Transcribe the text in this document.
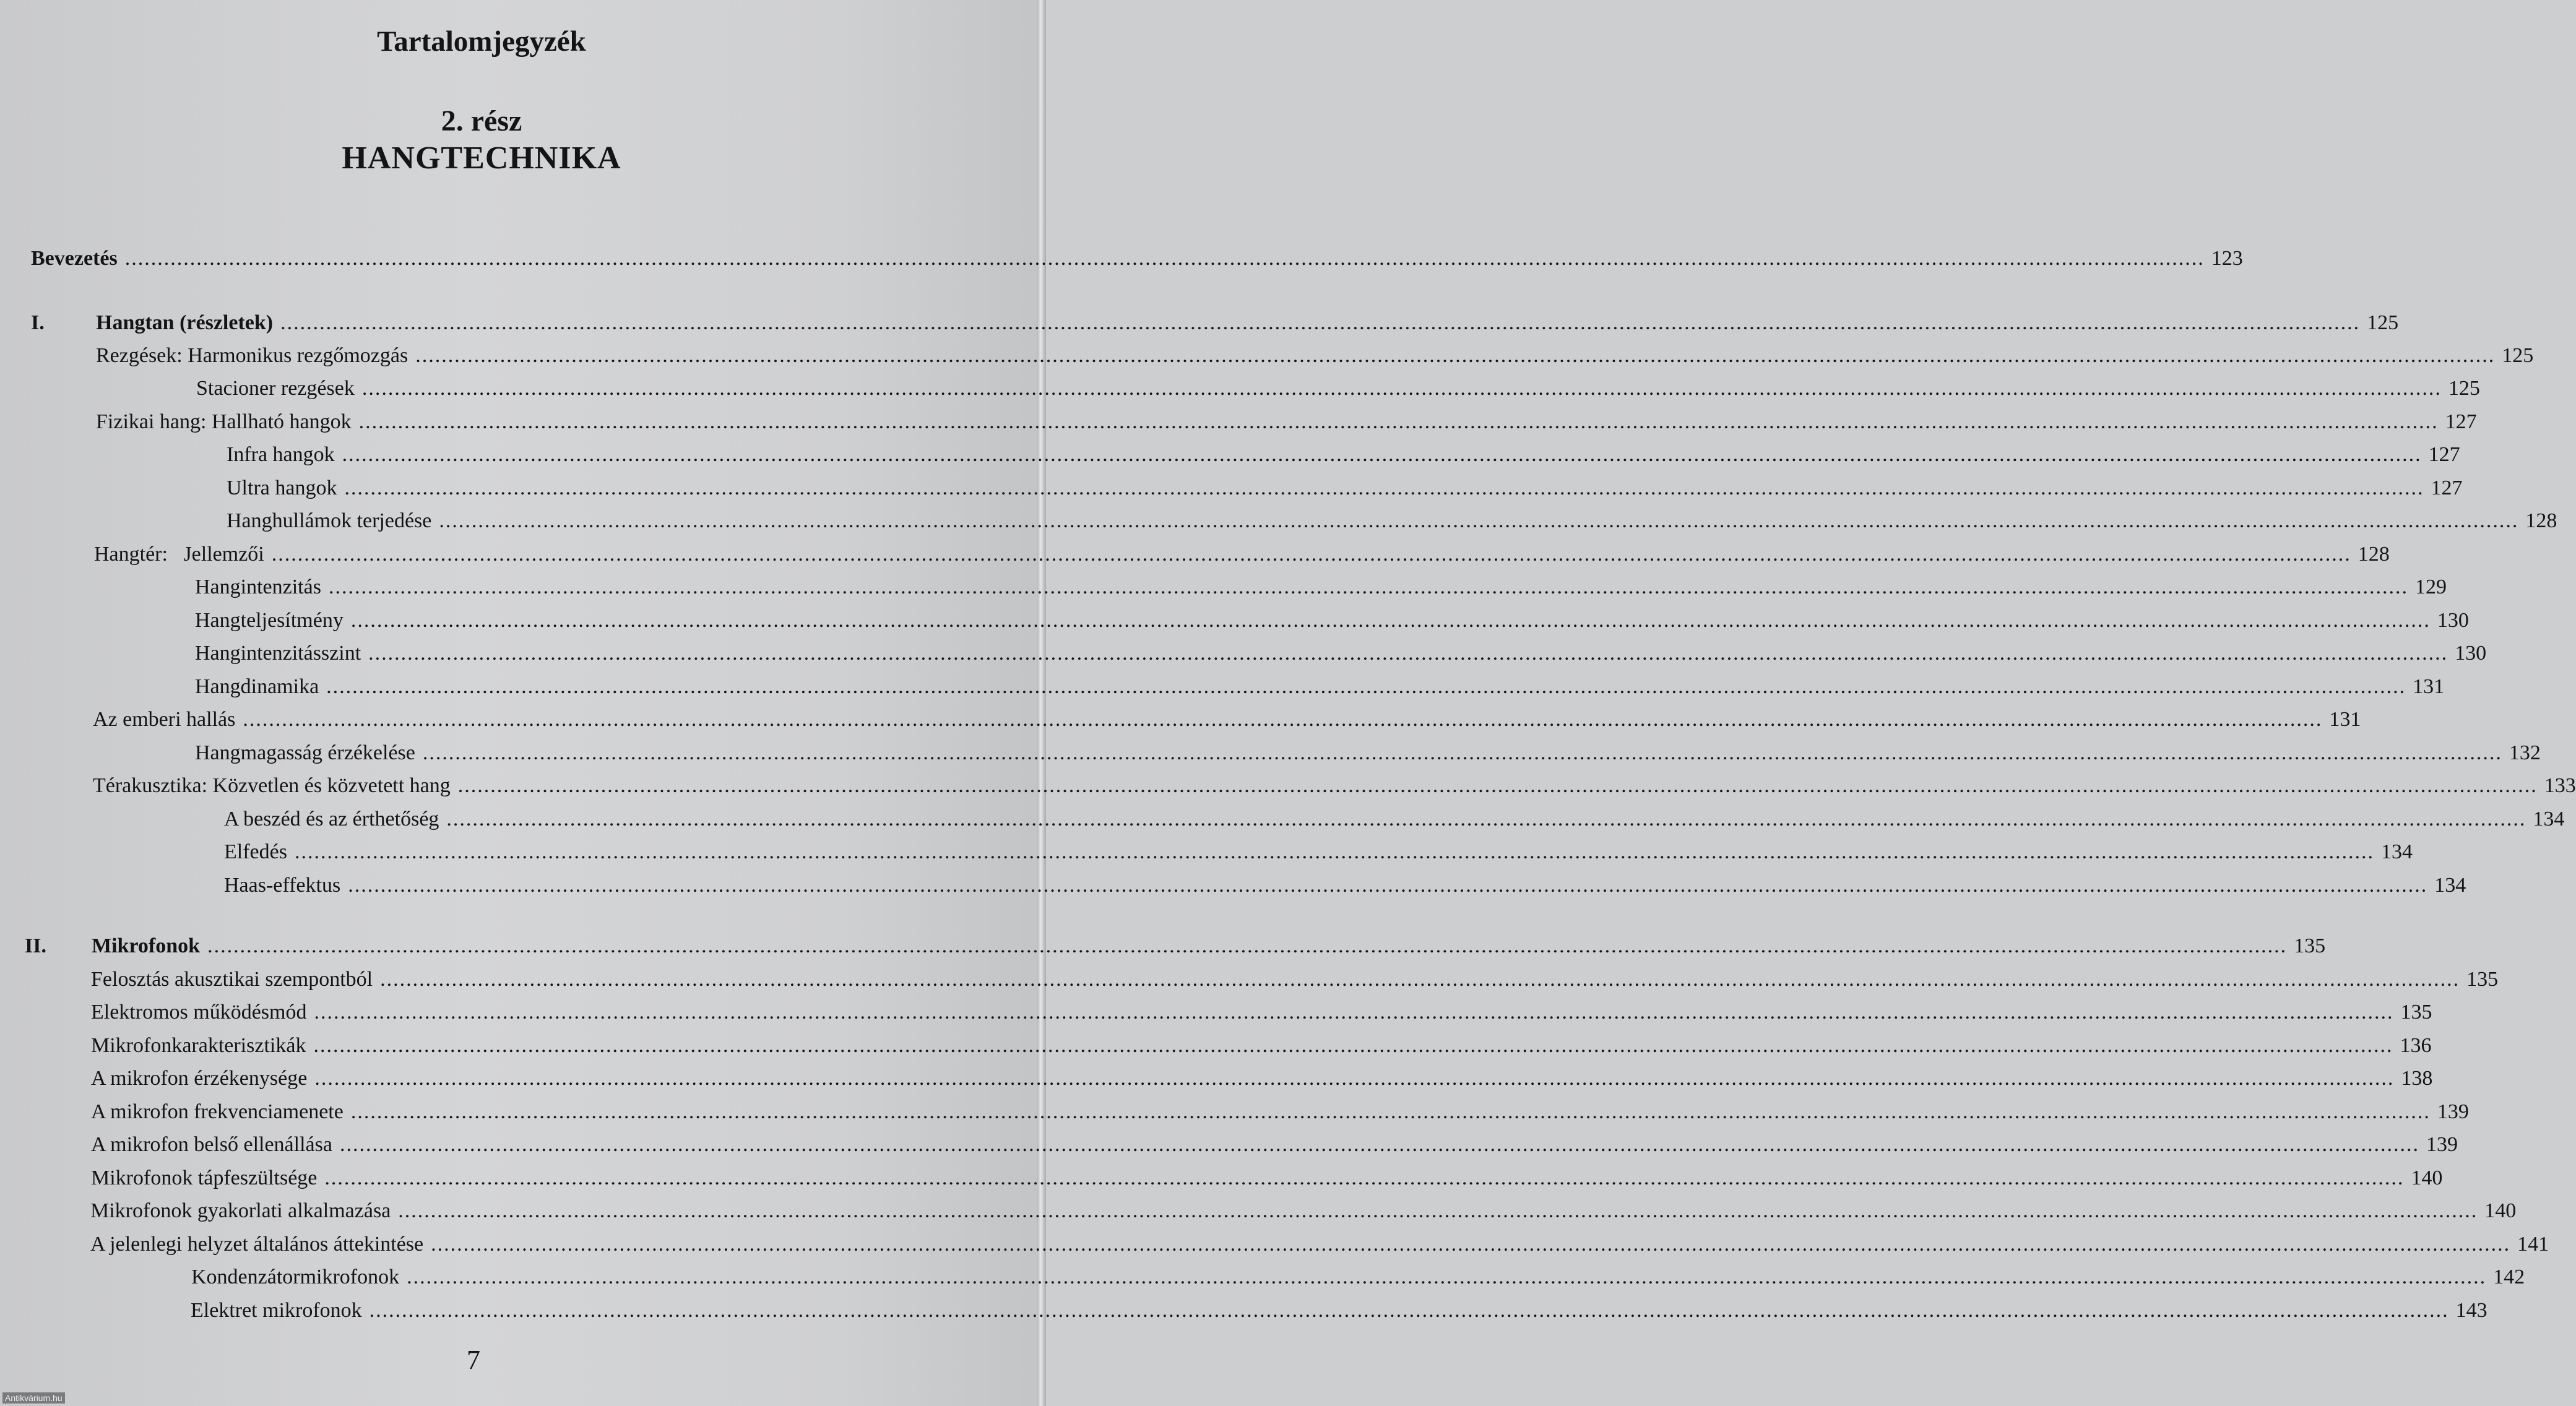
Tartalomjegyzék
2. rész
HANGTECHNIKA
Bevezetés ................................................................................................................................................................................................................................................................................................................................ 123
I. Hangtan (részletek) ................................................................................................................................................................................................................................................................................................................................ 125
Rezgések: Harmonikus rezgőmozgás ................................................................................................................................................................................................................................................................................................................................ 125
Stacioner rezgések ................................................................................................................................................................................................................................................................................................................................ 125
Fizikai hang: Hallható hangok ................................................................................................................................................................................................................................................................................................................................ 127
Infra hangok ................................................................................................................................................................................................................................................................................................................................ 127
Ultra hangok ................................................................................................................................................................................................................................................................................................................................ 127
Hanghullámok terjedése ................................................................................................................................................................................................................................................................................................................................ 128
Hangtér:   Jellemzői ................................................................................................................................................................................................................................................................................................................................ 128
Hangintenzitás ................................................................................................................................................................................................................................................................................................................................ 129
Hangteljesítmény ................................................................................................................................................................................................................................................................................................................................ 130
Hangintenzitásszint ................................................................................................................................................................................................................................................................................................................................ 130
Hangdinamika ................................................................................................................................................................................................................................................................................................................................ 131
Az emberi hallás ................................................................................................................................................................................................................................................................................................................................ 131
Hangmagasság érzékelése ................................................................................................................................................................................................................................................................................................................................ 132
Térakusztika: Közvetlen és közvetett hang ................................................................................................................................................................................................................................................................................................................................ 133
A beszéd és az érthetőség ................................................................................................................................................................................................................................................................................................................................ 134
Elfedés ................................................................................................................................................................................................................................................................................................................................ 134
Haas-effektus ................................................................................................................................................................................................................................................................................................................................ 134
II. Mikrofonok ................................................................................................................................................................................................................................................................................................................................ 135
Felosztás akusztikai szempontból ................................................................................................................................................................................................................................................................................................................................ 135
Elektromos működésmód ................................................................................................................................................................................................................................................................................................................................ 135
Mikrofonkarakterisztikák ................................................................................................................................................................................................................................................................................................................................ 136
A mikrofon érzékenysége ................................................................................................................................................................................................................................................................................................................................ 138
A mikrofon frekvenciamenete ................................................................................................................................................................................................................................................................................................................................ 139
A mikrofon belső ellenállása ................................................................................................................................................................................................................................................................................................................................ 139
Mikrofonok tápfeszültsége ................................................................................................................................................................................................................................................................................................................................ 140
Mikrofonok gyakorlati alkalmazása ................................................................................................................................................................................................................................................................................................................................ 140
A jelenlegi helyzet általános áttekintése ................................................................................................................................................................................................................................................................................................................................ 141
Kondenzátormikrofonok ................................................................................................................................................................................................................................................................................................................................ 142
Elektret mikrofonok ................................................................................................................................................................................................................................................................................................................................ 143
7
Antikvárium.hu
